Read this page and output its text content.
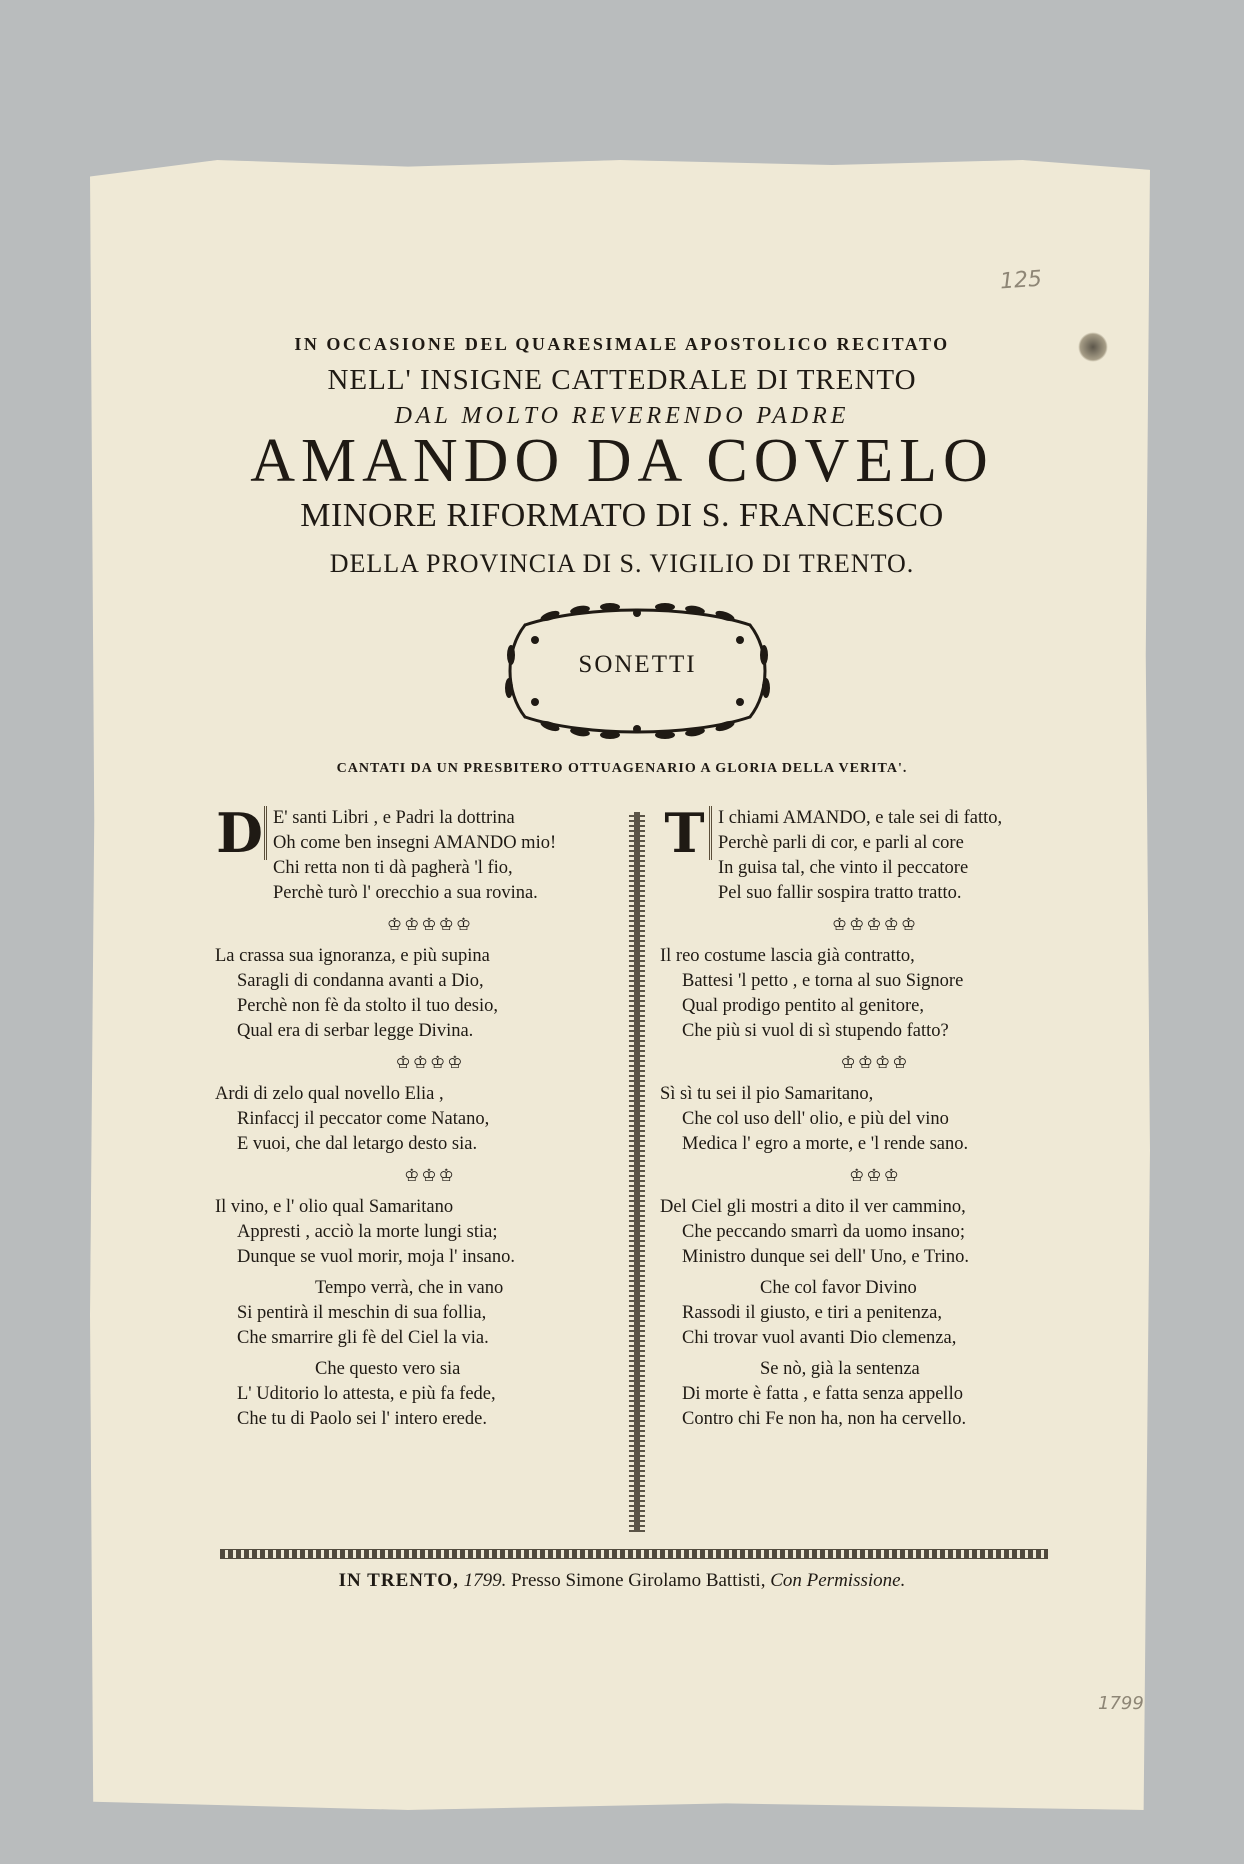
125
1799
IN OCCASIONE DEL QUARESIMALE APOSTOLICO RECITATO
NELL' INSIGNE CATTEDRALE DI TRENTO
DAL MOLTO REVERENDO PADRE
AMANDO DA COVELO
MINORE RIFORMATO DI S. FRANCESCO
DELLA PROVINCIA DI S. VIGILIO DI TRENTO.
SONETTI
CANTATI DA UN PRESBITERO OTTUAGENARIO A GLORIA DELLA VERITA'.
D E' santi Libri , e Padri la dottrina
Oh come ben insegni AMANDO mio!
Chi retta non ti dà pagherà 'l fio,
Perchè turò l' orecchio a sua rovina.
♔♔♔♔♔
La crassa sua ignoranza, e più supina
Saragli di condanna avanti a Dio,
Perchè non fè da stolto il tuo desio,
Qual era di serbar legge Divina.
♔♔♔♔
Ardi di zelo qual novello Elia ,
Rinfaccj il peccator come Natano,
E vuoi, che dal letargo desto sia.
♔♔♔
Il vino, e l' olio qual Samaritano
Appresti , acciò la morte lungi stia;
Dunque se vuol morir, moja l' insano.
Tempo verrà, che in vano
Si pentirà il meschin di sua follia,
Che smarrire gli fè del Ciel la via.
Che questo vero sia
L' Uditorio lo attesta, e più fa fede,
Che tu di Paolo sei l' intero erede.
T I chiami AMANDO, e tale sei di fatto,
Perchè parli di cor, e parli al core
In guisa tal, che vinto il peccatore
Pel suo fallir sospira tratto tratto.
♔♔♔♔♔
Il reo costume lascia già contratto,
Battesi 'l petto , e torna al suo Signore
Qual prodigo pentito al genitore,
Che più si vuol di sì stupendo fatto?
♔♔♔♔
Sì sì tu sei il pio Samaritano,
Che col uso dell' olio, e più del vino
Medica l' egro a morte, e 'l rende sano.
♔♔♔
Del Ciel gli mostri a dito il ver cammino,
Che peccando smarrì da uomo insano;
Ministro dunque sei dell' Uno, e Trino.
Che col favor Divino
Rassodi il giusto, e tiri a penitenza,
Chi trovar vuol avanti Dio clemenza,
Se nò, già la sentenza
Di morte è fatta , e fatta senza appello
Contro chi Fe non ha, non ha cervello.
IN TRENTO, 1799. Presso Simone Girolamo Battisti, Con Permissione.
